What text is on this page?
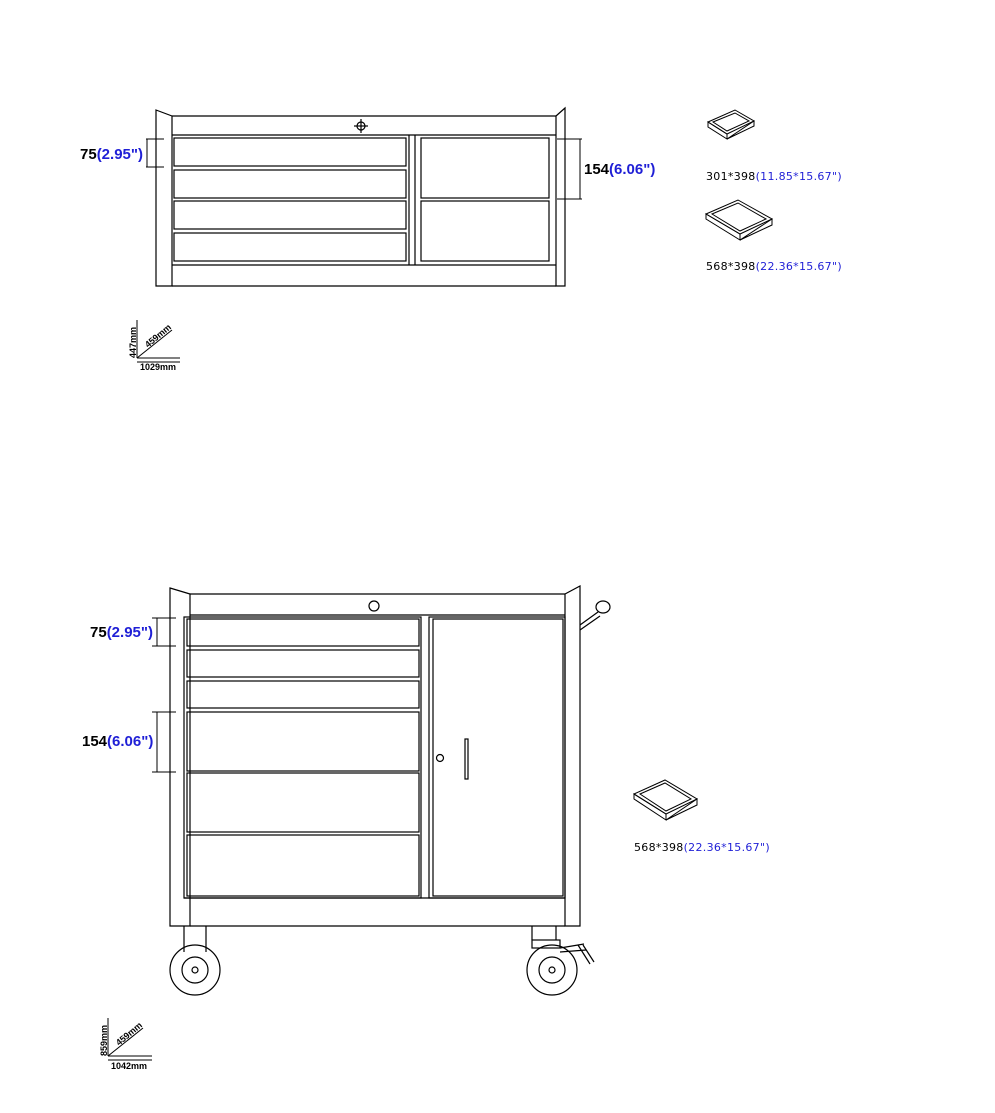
75(2.95")
154(6.06")
447mm 459mm
1029mm
301*398(11.85*15.67")
568*398(22.36*15.67")
75(2.95")
154(6.06")
859mm 459mm
1042mm
568*398(22.36*15.67")
